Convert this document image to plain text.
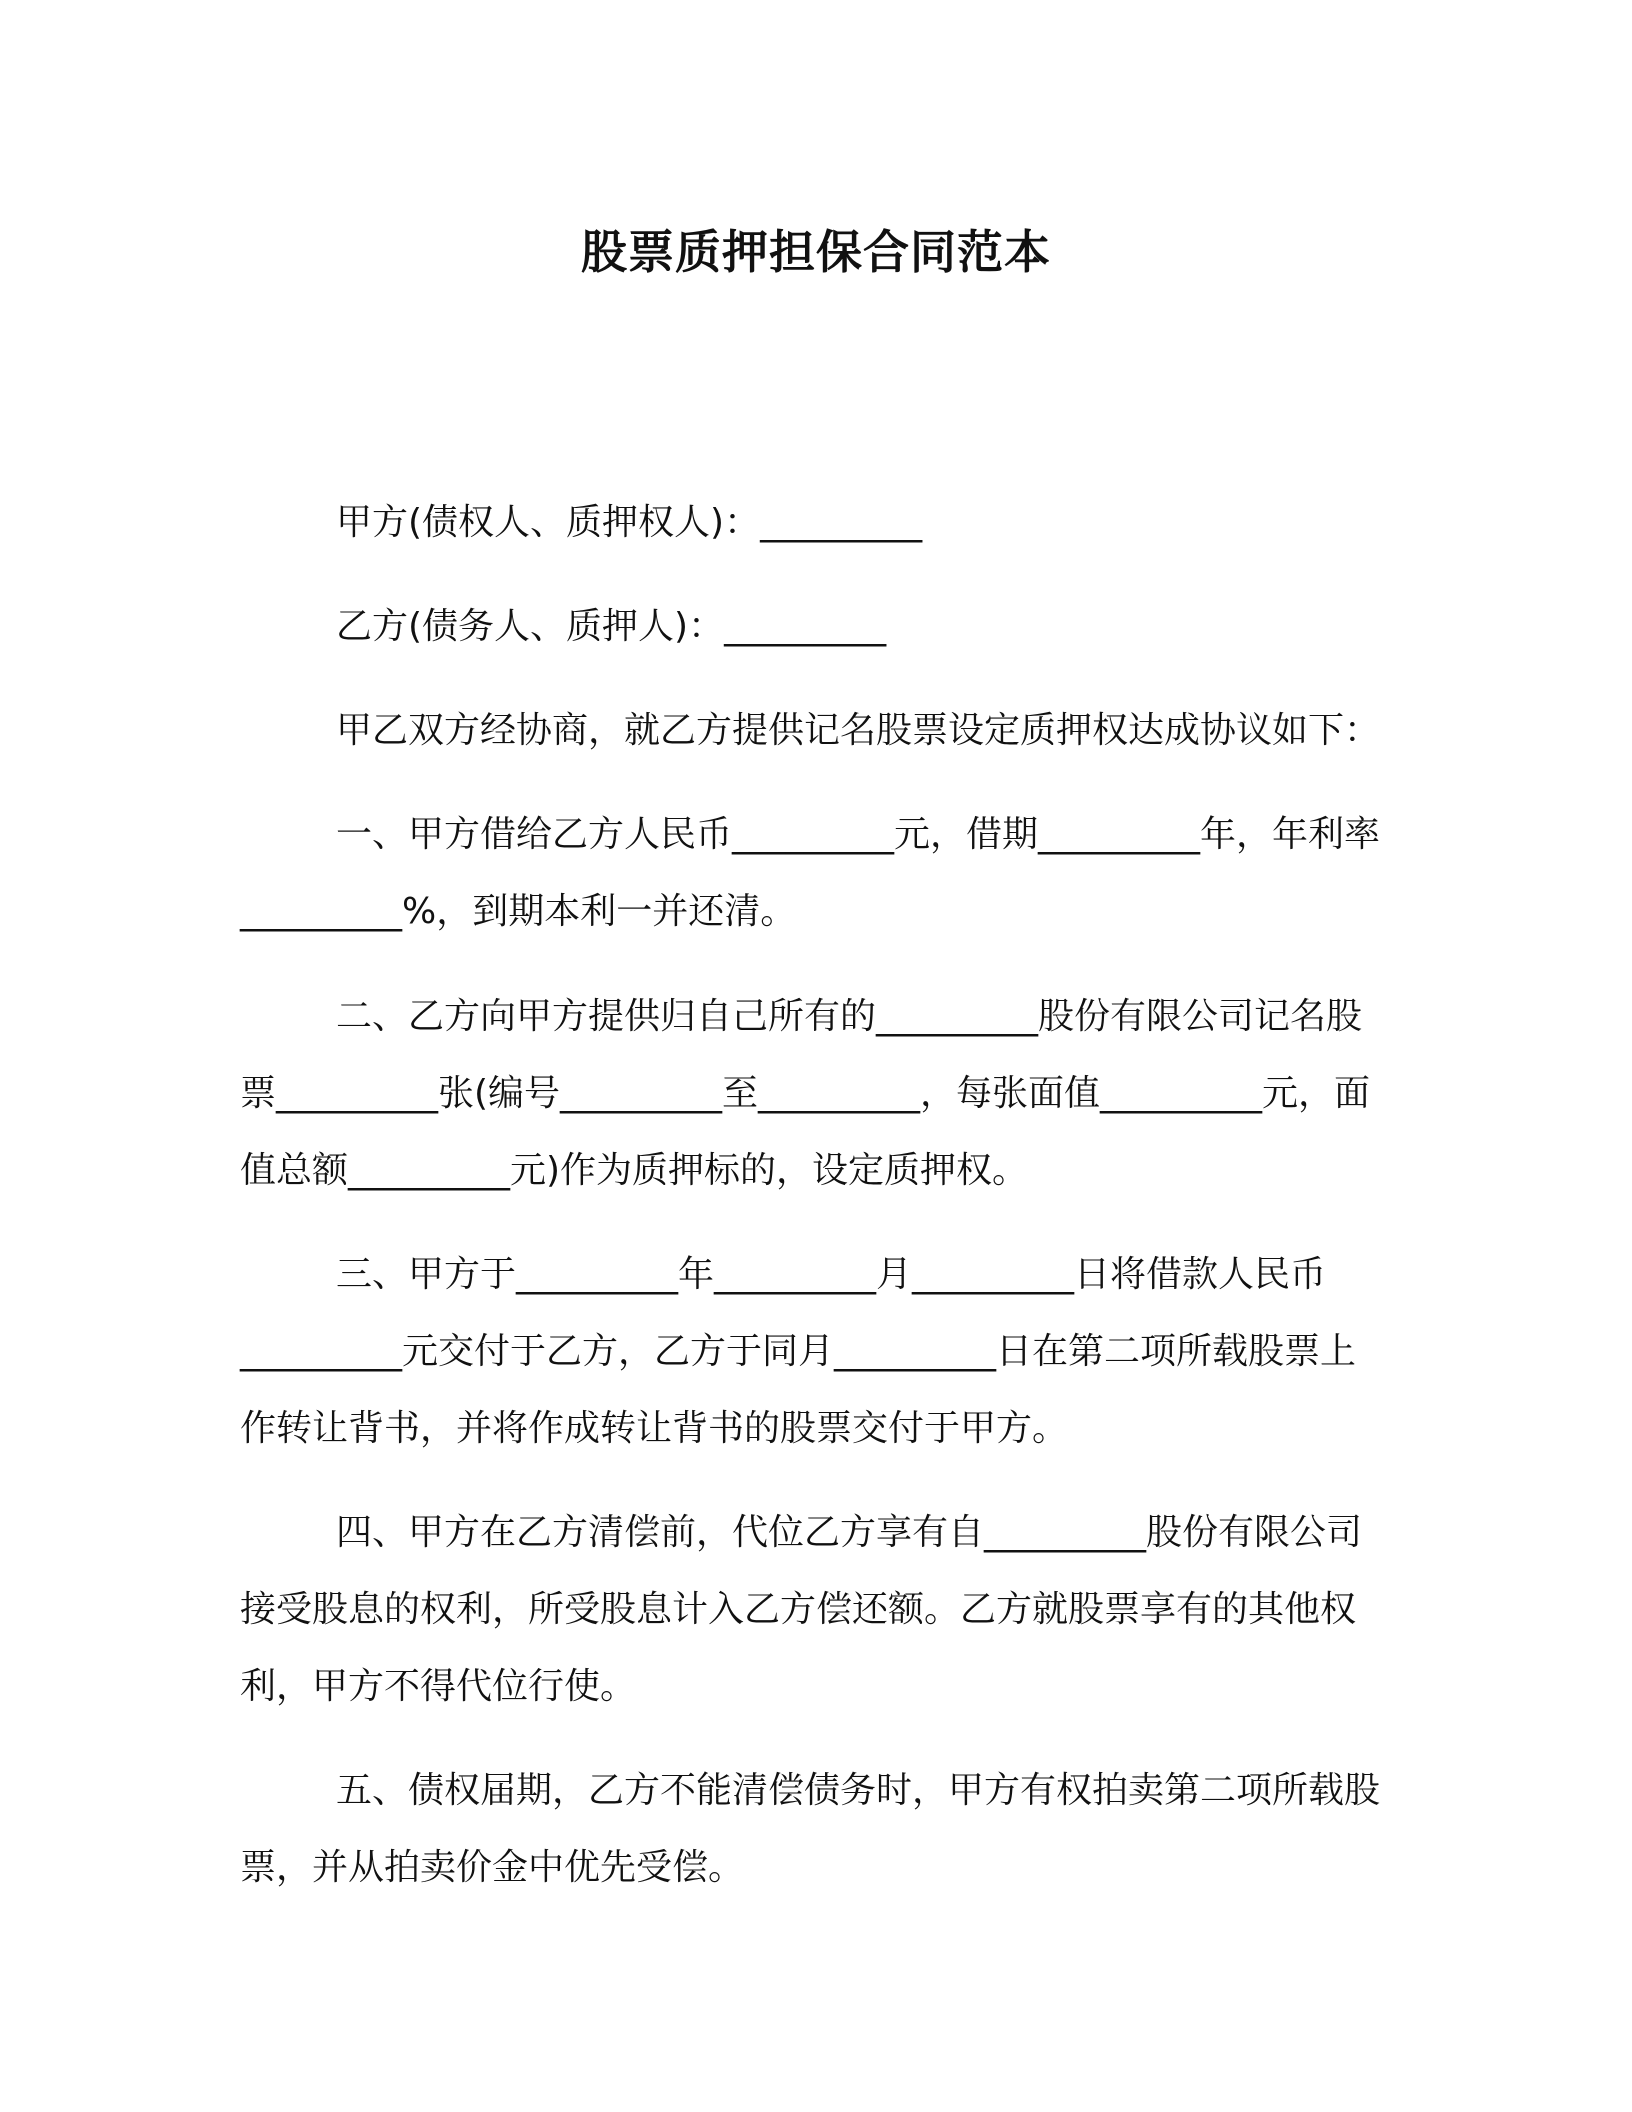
股票质押担保合同范本

甲方(债权人、质押权人)：_________

乙方(债务人、质押人)：_________

甲乙双方经协商，就乙方提供记名股票设定质押权达成协议如下：

一、甲方借给乙方人民币_________元，借期_________年，年利率_________%，到期本利一并还清。

二、乙方向甲方提供归自己所有的_________股份有限公司记名股票_________张(编号_________至_________，每张面值_________元，面值总额_________元)作为质押标的，设定质押权。

三、甲方于_________年_________月_________日将借款人民币_________元交付于乙方，乙方于同月_________日在第二项所载股票上作转让背书，并将作成转让背书的股票交付于甲方。

四、甲方在乙方清偿前，代位乙方享有自_________股份有限公司接受股息的权利，所受股息计入乙方偿还额。乙方就股票享有的其他权利，甲方不得代位行使。

五、债权届期，乙方不能清偿债务时，甲方有权拍卖第二项所载股票，并从拍卖价金中优先受偿。
